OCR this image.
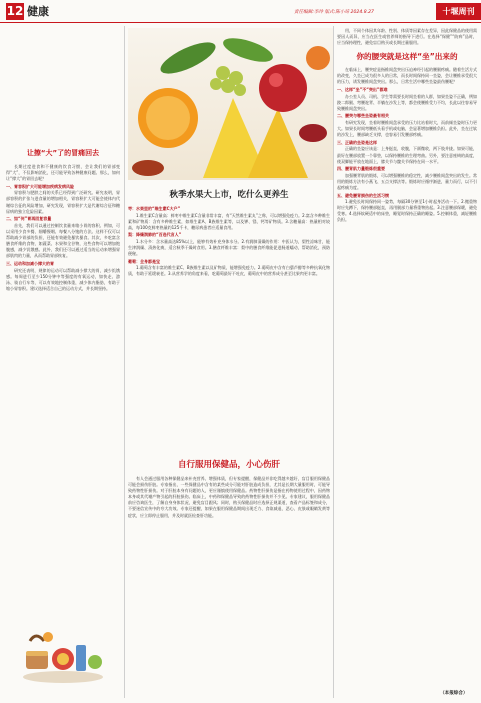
12 健康	责任编辑:李玲 版式:陈小琦 2024.8.27	十堰周刊
让擦“大”了的冒痛回去

长期过度进食和不健康的饮食习惯，会让我们的胃部变得“大”，不仅影响消化，还可能导致各种健康问题。那么，如何让“撑大”的胃回去呢？

一、胃容积扩大可能增加疾病发病风险

胃容积与肥胖之间的关系已经得到广泛研究。研究表明，胃部容积的扩张与进食量的增加相关，胃容积扩大可能会使体内代谢综合征的风险增加，研究发现，胃容积扩大是代谢综合征和糖尿病的独立危险因素。

二、如“何”胃再回复容量

首先，我们可以通过控制饮食量来缩小胃的容积。例如，可以采用少食多餐、细嚼慢咽、每餐八分饱的方法。这样不仅可以帮助减少胃部的负担，还能有效避免暴饮暴食。其次，多吃富含膳食纤维的食物，如蔬菜、水果和全谷物，这些食物可以增加饱腹感，减少饥饿感。此外，我们还可以通过适当的运动来增强胃部肌肉的力量，从而帮助胃部恢复。

三、运动和加减小撑大的胃

研究还表明，规律的运动可以帮助减小撑大的胃，减少饥饿感。每周进行至少150分钟中等强度的有氧运动，如快走、游泳、骑自行车等，可以有效地控制体重，减少体内脂肪，有助于缩小胃容积。建议选择适合自己的运动方式，并长期坚持。

秋季水果大上市，吃什么更养生

枣：水果里的“维生素C大户”

1.维生素C含量高：鲜枣中维生素C含量非常丰富，有“天然维生素丸”之称，可以增强免疫力。2.富含多种维生素和矿物质：含有多种维生素，如维生素A、B族维生素等，以及钾、镁、钙等矿物质。3.含糖量高：热量相对较高，每100克鲜枣热量约125千卡，糖尿病患者应适量食用。

梨：降燥润肺的“百选代言人”

1.水分多：含水量高达85%以上，能够有效补充身体水分。2.有润肺清燥的作用：中医认为，梨性凉味甘，能生津润燥、清热化痰，适合秋季干燥时食用。3.膳食纤维丰富：梨中的膳食纤维能促进肠道蠕动，帮助消化，预防便秘。

葡萄：全身都是宝

1.葡萄含有丰富的维生素C、B族维生素以及矿物质，能增强免疫力。2.葡萄皮中含有白藜芦醇等多种抗氧化物质，有助于延缓衰老。3.从营养学的角度来看，吃葡萄最好不吐皮，葡萄皮中的营养成分甚至比果肉更丰富。

自行服用保健品，小心伤肝

有人会通过服用各种保健品来补充营养、增强体质，但专家提醒，保健品并非吃得越多越好，盲目服用保健品可能会损伤肝脏。专家指出，一些保健品中含有的某些成分可能对肝脏造成负担，尤其是长期大量服用时，可能导致药物性肝损伤。对于肝脏本身有问题的人，更应谨慎使用保健品。药物性肝损伤是指在药物使用过程中，因药物本身或其代谢产物引起的肝脏损伤。临床上，中药和保健品导致的药物性肝损伤并不少见。专家建议，服用保健品前应咨询医生，了解自身身体状况，避免盲目跟风；同时，购买保健品时应选择正规渠道，查看产品标签和成分，不要迷信宣传中的夸大功效。专家还提醒，如果在服用保健品期间出现乏力、食欲减退、恶心、皮肤或眼睛发黄等症状，应立即停止服用，并及时就医检查肝功能。

用，不同个体因其年龄、性别、体质等因素存在差异，因此保健品的使用需要因人而异，应当在医生或营养师的指导下进行。在选择“保健”“防病”品时，应当保持理性，避免盲目购买或长期过量服用。

你的腰突就是这样“坐”出来的

在临床上，腰突症是指椎间盘突出压迫神经引起的腰腿疼痛。随着生活方式的改变，久坐已成为很多人的日常，而长时间保持同一坐姿，会让腰椎承受很大的压力，诱发腰椎间盘突出。那么，日常生活中哪些坐姿最伤腰呢？

一、这样“坐”不“突出”都难

办公室人员、司机、学生等需要长时间坐着的人群，如果坐姿不正确，例如跷二郎腿、弯腰驼背、半躺在沙发上等，都会使腰椎受力不均，长此以往容易导致腰椎间盘突出。

二、腰突与哪些坐姿最有相关

有研究发现，坐着时腰椎间盘承受的压力比站着时大，而前倾坐姿时压力更大。如果长时间弯腰低头看手机或电脑，会显著增加腰椎负担。此外，坐在过软的沙发上，腰部缺乏支撑，也容易引发腰部疼痛。

三、正确的坐姿是这样

正确的坐姿应该是：上身挺直，收腹，下颌微收，两下肢并拢。如果可能，最好在腰部放置一个靠垫，以保持腰椎的生理弯曲。另外，要注意座椅的高度，使双脚能平放在地面上，膝关节与髋关节保持在同一水平。

四、腰背肌力量锻炼很重要

加强腰背肌的锻炼，可以增强腰椎的稳定性，减少腰椎间盘突出的发生。常用的锻炼方法有小燕飞、五点支撑法等。锻炼时应循序渐进，量力而行，以不引起疼痛为度。

五、避免腰背损伤的生活习惯

1.避免长时间保持同一姿势，每隔30分钟至1小时起身活动一下。2.搬重物时应先蹲下，保持腰部挺直，再用腿部力量将重物抬起。3.注意腰部保暖，避免受寒。4.选择软硬适中的床垫，睡觉时保持正确的睡姿。5.控制体重，减轻腰椎负担。

（本报综合）
